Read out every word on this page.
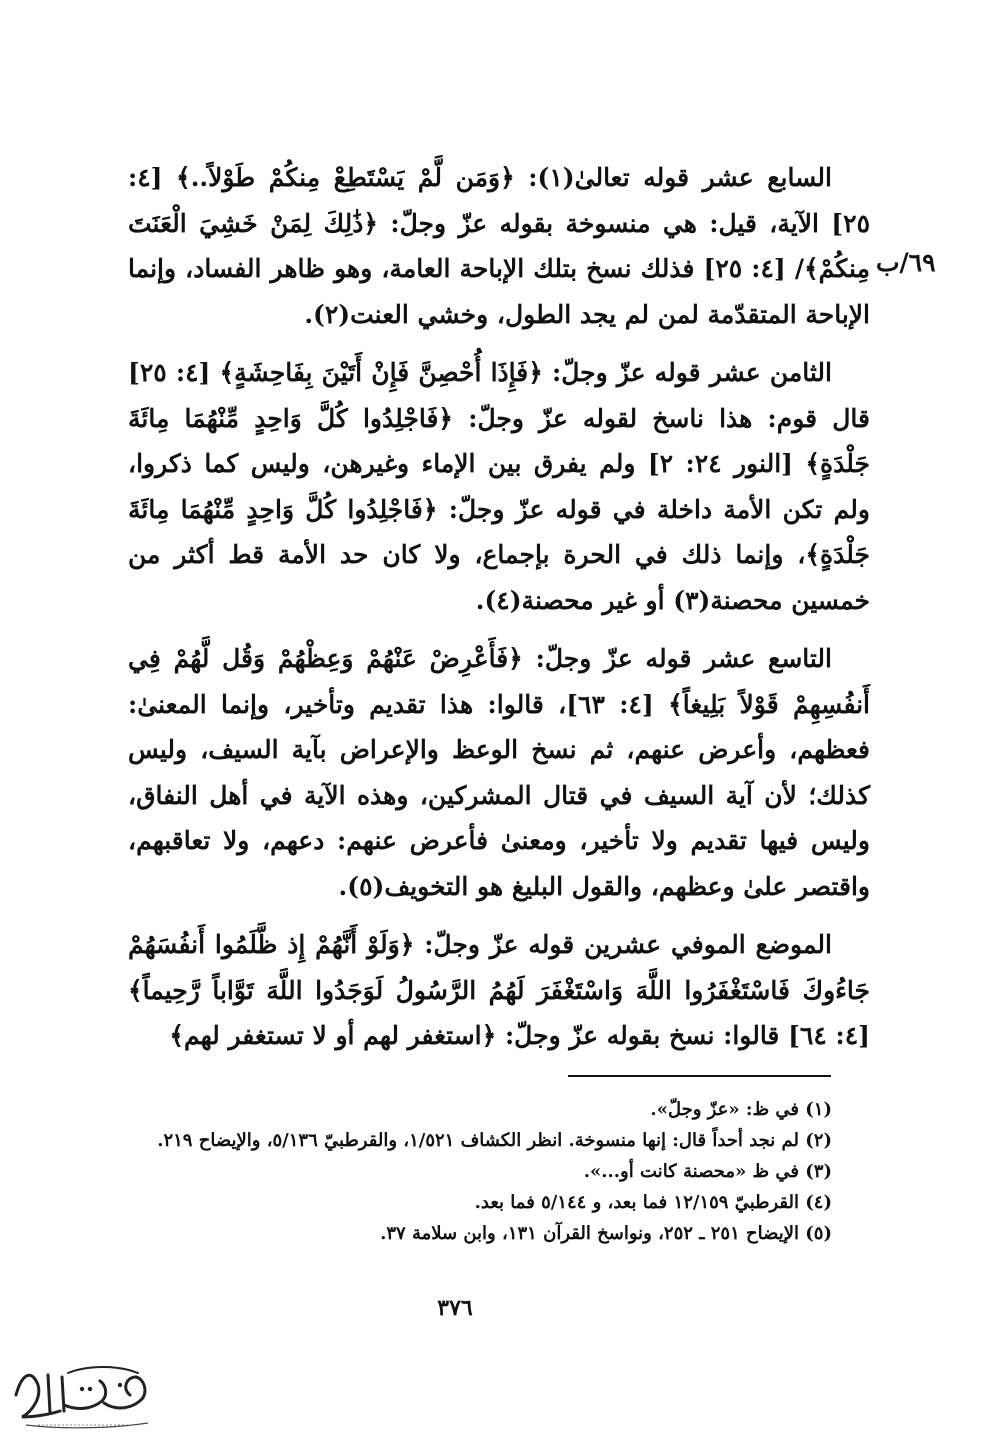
٦٩/ب

السابع عشر قوله تعالىٰ(١): ﴿وَمَن لَّمْ يَسْتَطِعْ مِنكُمْ طَوْلاً..﴾ [٤: ٢٥] الآية، قيل: هي منسوخة بقوله عزّ وجلّ: ﴿ذَٰلِكَ لِمَنْ خَشِيَ الْعَنَتَ مِنكُمْ﴾/ [٤: ٢٥] فذلك نسخ بتلك الإباحة العامة، وهو ظاهر الفساد، وإنما الإباحة المتقدّمة لمن لم يجد الطول، وخشي العنت(٢).

الثامن عشر قوله عزّ وجلّ: ﴿فَإِذَا أُحْصِنَّ فَإِنْ أَتَيْنَ بِفَاحِشَةٍ﴾ [٤: ٢٥] قال قوم: هذا ناسخ لقوله عزّ وجلّ: ﴿فَاجْلِدُوا كُلَّ وَاحِدٍ مِّنْهُمَا مِائَةَ جَلْدَةٍ﴾ [النور ٢٤: ٢] ولم يفرق بين الإماء وغيرهن، وليس كما ذكروا، ولم تكن الأمة داخلة في قوله عزّ وجلّ: ﴿فَاجْلِدُوا كُلَّ وَاحِدٍ مِّنْهُمَا مِائَةَ جَلْدَةٍ﴾، وإنما ذلك في الحرة بإجماع، ولا كان حد الأمة قط أكثر من خمسين محصنة(٣) أو غير محصنة(٤).

التاسع عشر قوله عزّ وجلّ: ﴿فَأَعْرِضْ عَنْهُمْ وَعِظْهُمْ وَقُل لَّهُمْ فِي أَنفُسِهِمْ قَوْلاً بَلِيغاً﴾ [٤: ٦٣]، قالوا: هذا تقديم وتأخير، وإنما المعنىٰ: فعظهم، وأعرض عنهم، ثم نسخ الوعظ والإعراض بآية السيف، وليس كذلك؛ لأن آية السيف في قتال المشركين، وهذه الآية في أهل النفاق، وليس فيها تقديم ولا تأخير، ومعنىٰ فأعرض عنهم: دعهم، ولا تعاقبهم، واقتصر علىٰ وعظهم، والقول البليغ هو التخويف(٥).

الموضع الموفي عشرين قوله عزّ وجلّ: ﴿وَلَوْ أَنَّهُمْ إِذ ظَّلَمُوا أَنفُسَهُمْ جَاءُوكَ فَاسْتَغْفَرُوا اللَّهَ وَاسْتَغْفَرَ لَهُمُ الرَّسُولُ لَوَجَدُوا اللَّهَ تَوَّاباً رَّحِيماً﴾ [٤: ٦٤] قالوا: نسخ بقوله عزّ وجلّ: ﴿استغفر لهم أو لا تستغفر لهم﴾

(١) في ظ: «عزّ وجلّ».

(٢) لم نجد أحداً قال: إنها منسوخة. انظر الكشاف ١/٥٢١، والقرطبيّ ٥/١٣٦، والإيضاح ٢١٩.

(٣) في ظ «محصنة كانت أو...».

(٤) القرطبيّ ١٢/١٥٩ فما بعد، و ٥/١٤٤ فما بعد.

(٥) الإيضاح ٢٥١ ـ ٢٥٢، ونواسخ القرآن ١٣١، وابن سلامة ٣٧.

٣٧٦
